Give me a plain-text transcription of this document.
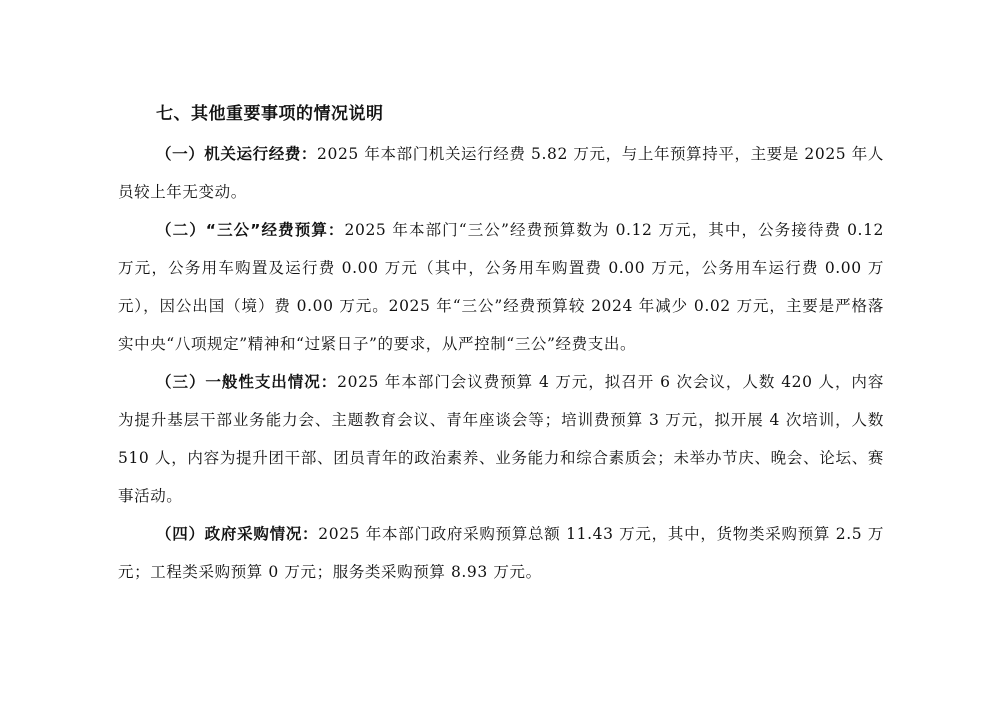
七、其他重要事项的情况说明

（一）机关运行经费：2025 年本部门机关运行经费 5.82 万元，与上年预算持平，主要是 2025 年人员较上年无变动。

（二）“三公”经费预算：2025 年本部门“三公”经费预算数为 0.12 万元，其中，公务接待费 0.12 万元，公务用车购置及运行费 0.00 万元（其中，公务用车购置费 0.00 万元，公务用车运行费 0.00 万元），因公出国（境）费 0.00 万元。2025 年“三公”经费预算较 2024 年减少 0.02 万元，主要是严格落实中央“八项规定”精神和“过紧日子”的要求，从严控制“三公”经费支出。

（三）一般性支出情况：2025 年本部门会议费预算 4 万元，拟召开 6 次会议，人数 420 人，内容为提升基层干部业务能力会、主题教育会议、青年座谈会等；培训费预算 3 万元，拟开展 4 次培训，人数 510 人，内容为提升团干部、团员青年的政治素养、业务能力和综合素质会；未举办节庆、晚会、论坛、赛事活动。

（四）政府采购情况：2025 年本部门政府采购预算总额 11.43 万元，其中，货物类采购预算 2.5 万元；工程类采购预算 0 万元；服务类采购预算 8.93 万元。
